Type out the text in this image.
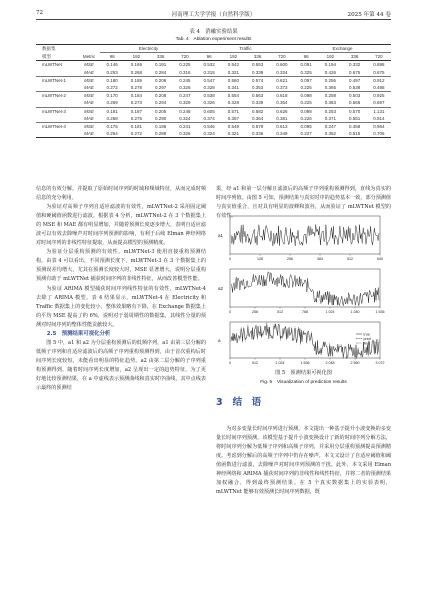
72	河南理工大学学报（自然科学版）	2025 年第 44 卷
表 4　消融实验结果
Tab. 4　Ablation experiment results
数据集		Electricity				Traffic				Exchange			
模型	Metric	96	192	336	720	96	192	336	720	96	192	336	720
mLWTNet	MSE	0.146	0.169	0.191	0.225	0.532	0.542	0.553	0.600	0.091	0.194	0.332	0.898
	MAE	0.253	0.268	0.284	0.316	0.315	0.321	0.339	0.324	0.325	0.426	0.675	0.675
mLWTNet-1	MSE	0.180	0.189	0.206	0.245	0.547	0.560	0.574	0.621	0.097	0.256	0.497	0.912
	MAE	0.272	0.278	0.297	0.326	0.328	0.341	0.353	0.373	0.225	0.365	0.538	0.488
mLWTNet-2	MSE	0.170	0.184	0.208	0.247	0.538	0.554	0.563	0.618	0.098	0.258	0.503	0.925
	MAE	0.269	0.273	0.294	0.329	0.326	0.328	0.339	0.354	0.225	0.363	0.566	0.697
mLWTNet-3	MSE	0.181	0.187	0.205	0.248	0.605	0.571	0.582	0.626	0.098	0.253	0.570	1.131
	MAE	0.268	0.275	0.290	0.324	0.374	0.357	0.364	0.381	0.226	0.371	0.551	0.814
mLWTNet-4	MSE	0.175	0.181	0.196	0.241	0.546	0.549	0.579	0.613	0.095	0.247	0.458	0.964
	MAE	0.264	0.272	0.288	0.326	0.324	0.321	0.336	0.348	0.227	0.362	0.515	0.706

信息的有效分解，并提取了原始时间序列的时域和频域特征，从而完成时频信息的充分利用。

为验证对高频子序列自适应滤波的有效性，mLWTNet-2 采用固定阈值和硬阈值函数进行滤波。根据表 4 分析，mLWTNet-2 在 3 个数据集上的 MSE 和 MAE 都有明显增加，并随着预测长度逐步增大，表明自适应滤波可以有效去除噪声对时间序列预测的影响，有利于后续 Elman 神经网络对时间序列的非线性特征提取，从而提高模型的预测精度。

为验证分层重构预测的有效性，mLWTNet-3 使用直接重构预测结构。由表 4 可以看出，不同预测长度下，mLWTNet-3 在 3 个数据集上的预测误差均增大，尤其在预测长度较大时，MSE 显著增大，说明分层重构预测有助于 mLWTNet 捕获时间序列的非线性特征，从而改善模型性能。

为验证 ARIMA 模型捕获时间序列线性特征的有效性，mLWTNet-4 去除了 ARIMA 模型。表 4 结果显示，mLWTNet-4 在 Electricity 和 Traffic 数据集上的变化较小，整体效果略有下降，在 Exchange 数据集上的平均 MSE 提高了约 6%，说明对于弱周期性的数据集，其线性分量的预测对时间序列的整体性能贡献较大。

2.5　预测结果可视化分析

图 5 中，a1 和 a2 为分层重构预测后的低频序列，a1 由第三层分解的低频子序列和自适应滤波后的高频子序列重构预测得到，由于首次重构后时间序列长度较短，未能看出明显的特征趋势。a2 由第二层分解的子序列重构预测得到，随着时间序列长度增加，a2 呈现出一定的趋势特征。为了更好地比较预测结果，在 a 中虚线表示预测曲线和真实时序曲线，其中点线表示最终的预测结

果，经 a1 和第一层分解且滤波后的高频子序列重构预测得到，直线为真实的时间序列值。由图 5 可知，预测结果与真实时序的趋势基本一致，部分预测值与真实值重合，且对具有明显的波峰和波谷，从而验证了 mLWTNet 模型的有效性。

a1
0	128	256	384	512	640
a2
0	256	512	768	1 024	1 280	1 536
a
0	512	1 024	1 536	2 048	2 560	3 072
true
pred
final
图 5　预测结果可视化图
Fig. 5　Visualization of prediction results
3 结　语

为对多变量长时间序列进行预测，本文提出一种基于提升小波变换的多变量长时间序列预测。该模型基于提升小波变换设计了新的时间序列分解方法，将时间序列分解为低频子序列和高频子序列，并采用分层重构预测提高预测精度。考虑到分解后的高频子序列中仍存在噪声，本文又设计了自适应阈值和阈值函数进行滤波，去除噪声对时间序列预测的干扰。此外，本文采用 Elman 神经网络和 ARIMA 捕获时间序列的非线性和线性特征，并将二者的预测结果加权融合，得到最终预测结果。在 5 个真实数据集上的实验表明，mLWTNet 能够有效预测长时间序列数据，既
